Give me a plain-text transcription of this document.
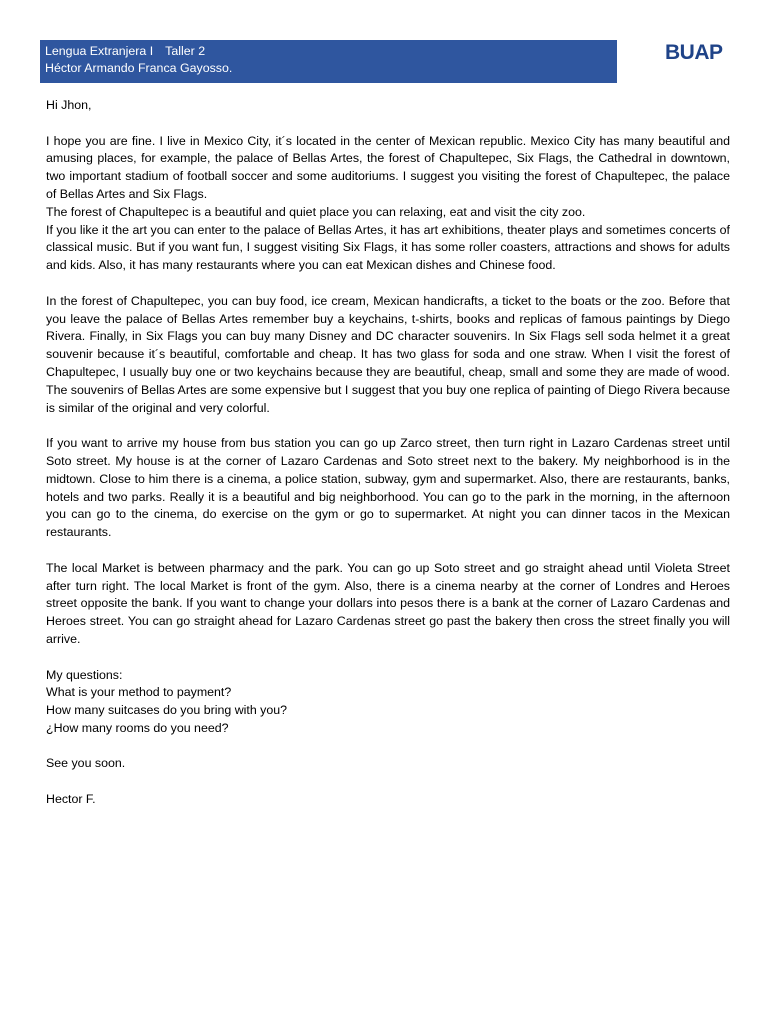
Lengua Extranjera I Taller 2
Héctor Armando Franca Gayosso.
BUAP

Hi Jhon,

I hope you are fine. I live in Mexico City, it´s located in the center of Mexican republic. Mexico City has many beautiful and amusing places, for example, the palace of Bellas Artes, the forest of Chapultepec, Six Flags, the Cathedral in downtown, two important stadium of football soccer and some auditoriums. I suggest you visiting the forest of Chapultepec, the palace of Bellas Artes and Six Flags.

The forest of Chapultepec is a beautiful and quiet place you can relaxing, eat and visit the city zoo.

If you like it the art you can enter to the palace of Bellas Artes, it has art exhibitions, theater plays and sometimes concerts of classical music. But if you want fun, I suggest visiting Six Flags, it has some roller coasters, attractions and shows for adults and kids. Also, it has many restaurants where you can eat Mexican dishes and Chinese food.

In the forest of Chapultepec, you can buy food, ice cream, Mexican handicrafts, a ticket to the boats or the zoo. Before that you leave the palace of Bellas Artes remember buy a keychains, t-shirts, books and replicas of famous paintings by Diego Rivera. Finally, in Six Flags you can buy many Disney and DC character souvenirs. In Six Flags sell soda helmet it a great souvenir because it´s beautiful, comfortable and cheap. It has two glass for soda and one straw. When I visit the forest of Chapultepec, I usually buy one or two keychains because they are beautiful, cheap, small and some they are made of wood. The souvenirs of Bellas Artes are some expensive but I suggest that you buy one replica of painting of Diego Rivera because is similar of the original and very colorful.

If you want to arrive my house from bus station you can go up Zarco street, then turn right in Lazaro Cardenas street until Soto street. My house is at the corner of Lazaro Cardenas and Soto street next to the bakery. My neighborhood is in the midtown. Close to him there is a cinema, a police station, subway, gym and supermarket. Also, there are restaurants, banks, hotels and two parks. Really it is a beautiful and big neighborhood. You can go to the park in the morning, in the afternoon you can go to the cinema, do exercise on the gym or go to supermarket. At night you can dinner tacos in the Mexican restaurants.

The local Market is between pharmacy and the park. You can go up Soto street and go straight ahead until Violeta Street after turn right. The local Market is front of the gym. Also, there is a cinema nearby at the corner of Londres and Heroes street opposite the bank. If you want to change your dollars into pesos there is a bank at the corner of Lazaro Cardenas and Heroes street. You can go straight ahead for Lazaro Cardenas street go past the bakery then cross the street finally you will arrive.

My questions:

What is your method to payment?

How many suitcases do you bring with you?

¿How many rooms do you need?

See you soon.

Hector F.
